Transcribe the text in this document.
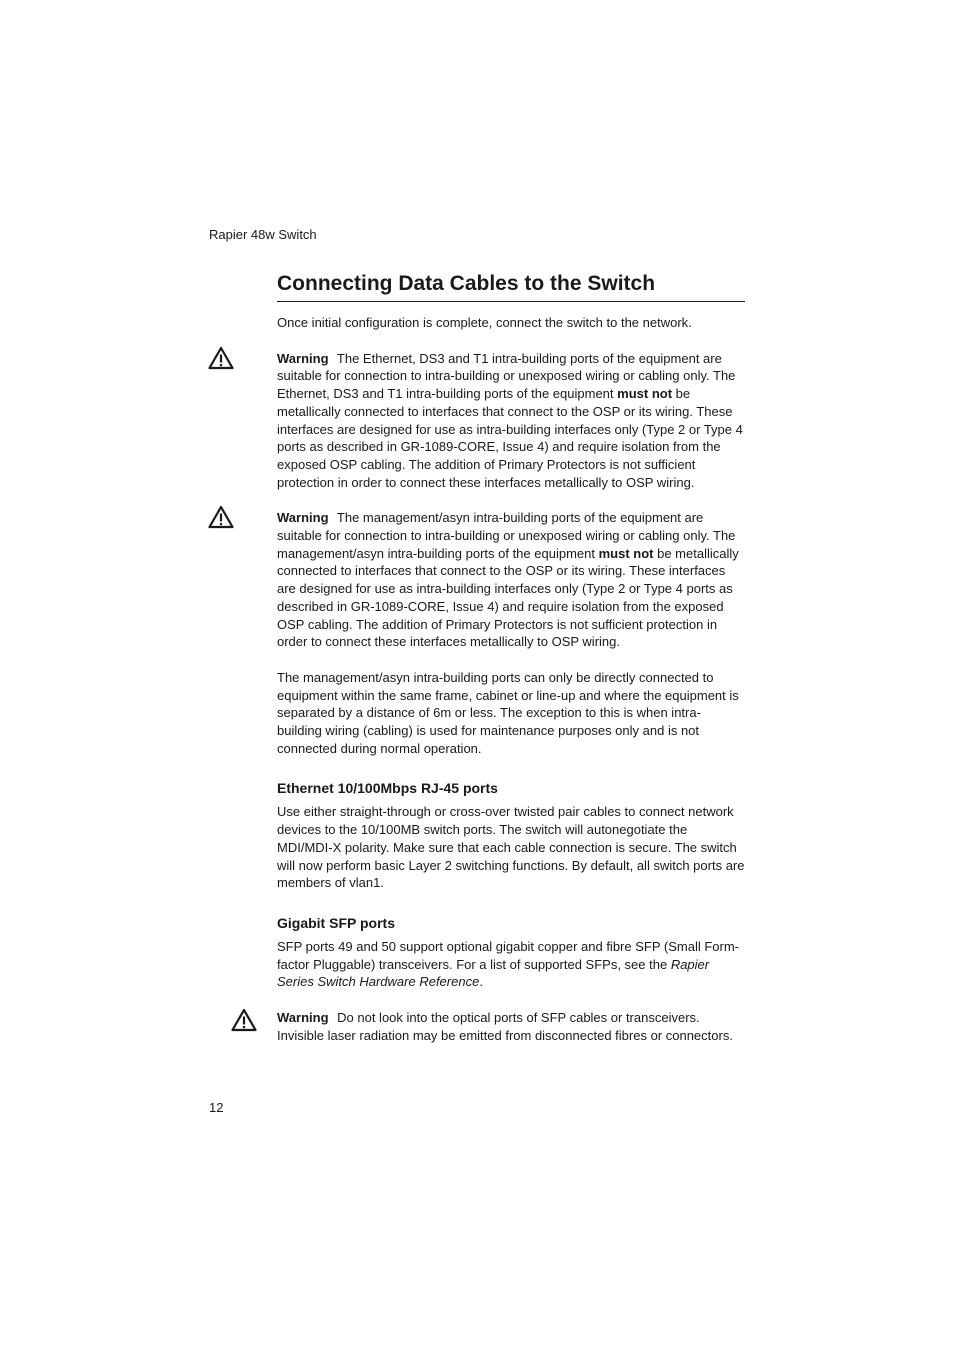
Rapier 48w Switch
Connecting Data Cables to the Switch

Once initial configuration is complete, connect the switch to the network.

Warning The Ethernet, DS3 and T1 intra-building ports of the equipment are suitable for connection to intra-building or unexposed wiring or cabling only. The Ethernet, DS3 and T1 intra-building ports of the equipment must not be metallically connected to interfaces that connect to the OSP or its wiring. These interfaces are designed for use as intra-building interfaces only (Type 2 or Type 4 ports as described in GR-1089-CORE, Issue 4) and require isolation from the exposed OSP cabling. The addition of Primary Protectors is not sufficient protection in order to connect these interfaces metallically to OSP wiring.

Warning The management/asyn intra-building ports of the equipment are suitable for connection to intra-building or unexposed wiring or cabling only. The management/asyn intra-building ports of the equipment must not be metallically connected to interfaces that connect to the OSP or its wiring. These interfaces are designed for use as intra-building interfaces only (Type 2 or Type 4 ports as described in GR-1089-CORE, Issue 4) and require isolation from the exposed OSP cabling. The addition of Primary Protectors is not sufficient protection in order to connect these interfaces metallically to OSP wiring.

The management/asyn intra-building ports can only be directly connected to equipment within the same frame, cabinet or line-up and where the equipment is separated by a distance of 6m or less. The exception to this is when intra-building wiring (cabling) is used for maintenance purposes only and is not connected during normal operation.

Ethernet 10/100Mbps RJ-45 ports

Use either straight-through or cross-over twisted pair cables to connect network devices to the 10/100MB switch ports. The switch will autonegotiate the MDI/MDI-X polarity. Make sure that each cable connection is secure. The switch will now perform basic Layer 2 switching functions. By default, all switch ports are members of vlan1.

Gigabit SFP ports

SFP ports 49 and 50 support optional gigabit copper and fibre SFP (Small Form-factor Pluggable) transceivers. For a list of supported SFPs, see the Rapier Series Switch Hardware Reference.

Warning Do not look into the optical ports of SFP cables or transceivers. Invisible laser radiation may be emitted from disconnected fibres or connectors.

12
